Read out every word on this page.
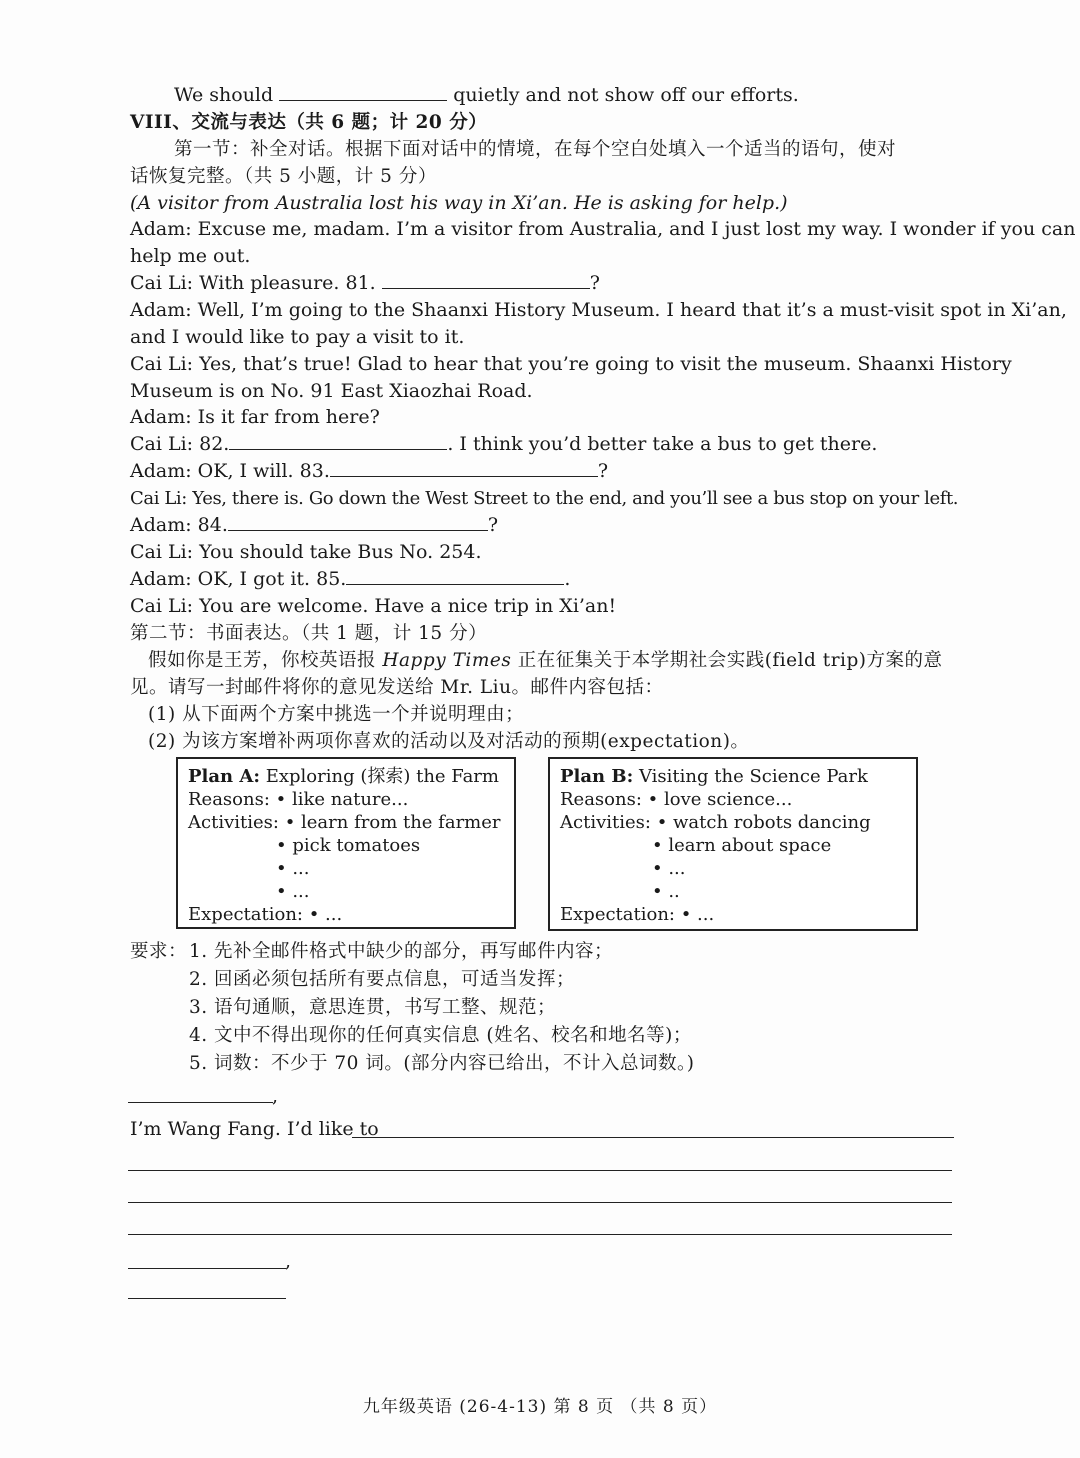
We should	quietly and not show off our efforts.
VIII、交流与表达（共 6 题；计 20 分）
第一节：补全对话。根据下面对话中的情境，在每个空白处填入一个适当的语句，使对
话恢复完整。（共 5 小题，计 5 分）
(A visitor from Australia lost his way in Xi’an. He is asking for help.)
Adam: Excuse me, madam. I’m a visitor from Australia, and I just lost my way. I wonder if you can
help me out.
Cai Li: With pleasure. 81.	?
Adam: Well, I’m going to the Shaanxi History Museum. I heard that it’s a must-visit spot in Xi’an,
and I would like to pay a visit to it.
Cai Li: Yes, that’s true! Glad to hear that you’re going to visit the museum. Shaanxi History
Museum is on No. 91 East Xiaozhai Road.
Adam: Is it far from here?
Cai Li: 82.	. I think you’d better take a bus to get there.
Adam: OK, I will. 83.	?
Cai Li: Yes, there is. Go down the West Street to the end, and you’ll see a bus stop on your left.
Adam: 84.	?
Cai Li: You should take Bus No. 254.
Adam: OK, I got it. 85.	.
Cai Li: You are welcome. Have a nice trip in Xi’an!
第二节：书面表达。（共 1 题，计 15 分）
假如你是王芳，你校英语报 Happy Times 正在征集关于本学期社会实践(field trip)方案的意
见。请写一封邮件将你的意见发送给 Mr. Liu。邮件内容包括：
(1) 从下面两个方案中挑选一个并说明理由；
(2) 为该方案增补两项你喜欢的活动以及对活动的预期(expectation)。
Plan A: Exploring (探索) the Farm
Reasons: • like nature...
Activities: • learn from the farmer
• pick tomatoes
• ...
• ...
Expectation: • ...
Plan B: Visiting the Science Park
Reasons: • love science...
Activities: • watch robots dancing
• learn about space
• ...
• ..
Expectation: • ...
要求： 1. 先补全邮件格式中缺少的部分，再写邮件内容；
2. 回函必须包括所有要点信息，可适当发挥；
3. 语句通顺，意思连贯，书写工整、规范；
4. 文中不得出现你的任何真实信息 (姓名、校名和地名等)；
5. 词数：不少于 70 词。(部分内容已给出，不计入总词数。)
,
I’m Wang Fang. I’d like to
,
九年级英语 (26-4-13) 第 8 页 （共 8 页）
